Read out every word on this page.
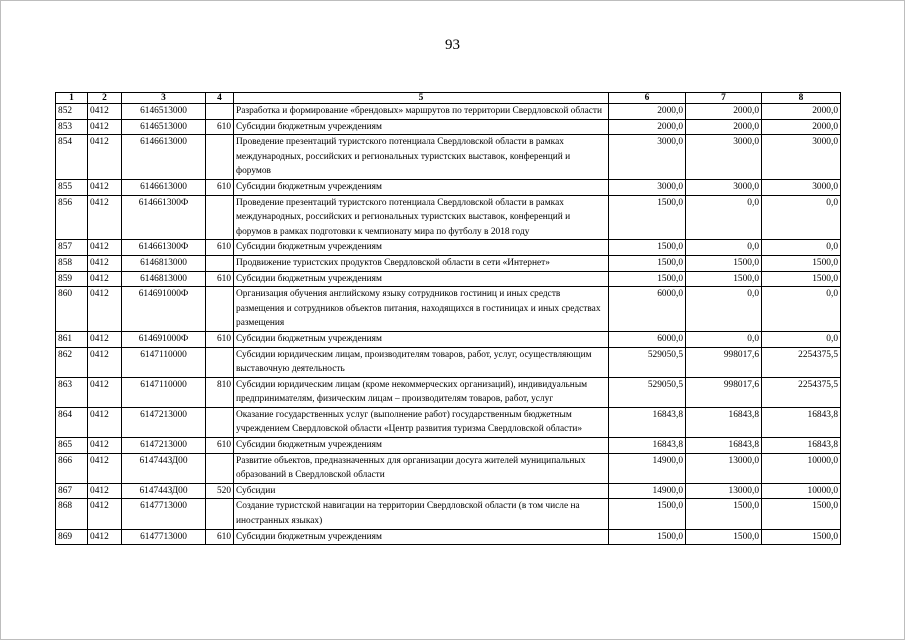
93
1	2	3	4	5	6	7	8
852	0412	6146513000		Разработка и формирование «брендовых» маршрутов по территории Свердловской области	2000,0	2000,0	2000,0
853	0412	6146513000	610	Субсидии бюджетным учреждениям	2000,0	2000,0	2000,0
854	0412	6146613000		Проведение презентаций туристского потенциала Свердловской области в рамках международных, российских и региональных туристских выставок, конференций и форумов	3000,0	3000,0	3000,0
855	0412	6146613000	610	Субсидии бюджетным учреждениям	3000,0	3000,0	3000,0
856	0412	614661300Ф		Проведение презентаций туристского потенциала Свердловской области в рамках международных, российских и региональных туристских выставок, конференций и форумов в рамках подготовки к чемпионату мира по футболу в 2018 году	1500,0	0,0	0,0
857	0412	614661300Ф	610	Субсидии бюджетным учреждениям	1500,0	0,0	0,0
858	0412	6146813000		Продвижение туристских продуктов Свердловской области в сети «Интернет»	1500,0	1500,0	1500,0
859	0412	6146813000	610	Субсидии бюджетным учреждениям	1500,0	1500,0	1500,0
860	0412	614691000Ф		Организация обучения английскому языку сотрудников гостиниц и иных средств размещения и сотрудников объектов питания, находящихся в гостиницах и иных средствах размещения	6000,0	0,0	0,0
861	0412	614691000Ф	610	Субсидии бюджетным учреждениям	6000,0	0,0	0,0
862	0412	6147110000		Субсидии юридическим лицам, производителям товаров, работ, услуг, осуществляющим выставочную деятельность	529050,5	998017,6	2254375,5
863	0412	6147110000	810	Субсидии юридическим лицам (кроме некоммерческих организаций), индивидуальным предпринимателям, физическим лицам – производителям товаров, работ, услуг	529050,5	998017,6	2254375,5
864	0412	6147213000		Оказание государственных услуг (выполнение работ) государственным бюджетным учреждением Свердловской области «Центр развития туризма Свердловской области»	16843,8	16843,8	16843,8
865	0412	6147213000	610	Субсидии бюджетным учреждениям	16843,8	16843,8	16843,8
866	0412	614744ЗД00		Развитие объектов, предназначенных для организации досуга жителей муниципальных образований в Свердловской области	14900,0	13000,0	10000,0
867	0412	614744ЗД00	520	Субсидии	14900,0	13000,0	10000,0
868	0412	6147713000		Создание туристской навигации на территории Свердловской области (в том числе на иностранных языках)	1500,0	1500,0	1500,0
869	0412	6147713000	610	Субсидии бюджетным учреждениям	1500,0	1500,0	1500,0
